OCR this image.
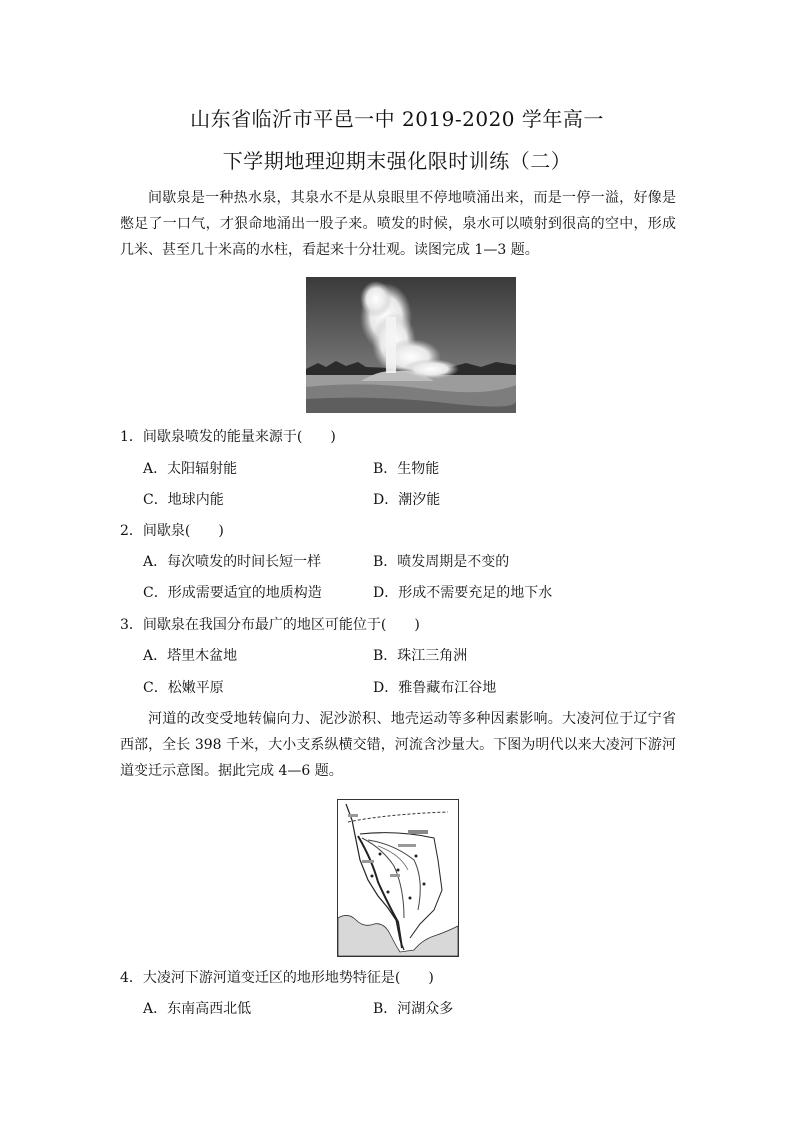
山东省临沂市平邑一中 2019-2020 学年高一
下学期地理迎期末强化限时训练（二）

间歇泉是一种热水泉，其泉水不是从泉眼里不停地喷涌出来，而是一停一溢，好像是憋足了一口气，才狠命地涌出一股子来。喷发的时候，泉水可以喷射到很高的空中，形成几米、甚至几十米高的水柱，看起来十分壮观。读图完成 1—3 题。

1．间歇泉喷发的能量来源于(　　)
A．太阳辐射能	B．生物能
C．地球内能	D．潮汐能
2．间歇泉(　　)
A．每次喷发的时间长短一样	B．喷发周期是不变的
C．形成需要适宜的地质构造	D．形成不需要充足的地下水
3．间歇泉在我国分布最广的地区可能位于(　　)
A．塔里木盆地	B．珠江三角洲
C．松嫩平原	D．雅鲁藏布江谷地

河道的改变受地转偏向力、泥沙淤积、地壳运动等多种因素影响。大凌河位于辽宁省西部，全长 398 千米，大小支系纵横交错，河流含沙量大。下图为明代以来大凌河下游河道变迁示意图。据此完成 4—6 题。

4．大凌河下游河道变迁区的地形地势特征是(　　)
A．东南高西北低	B．河湖众多
